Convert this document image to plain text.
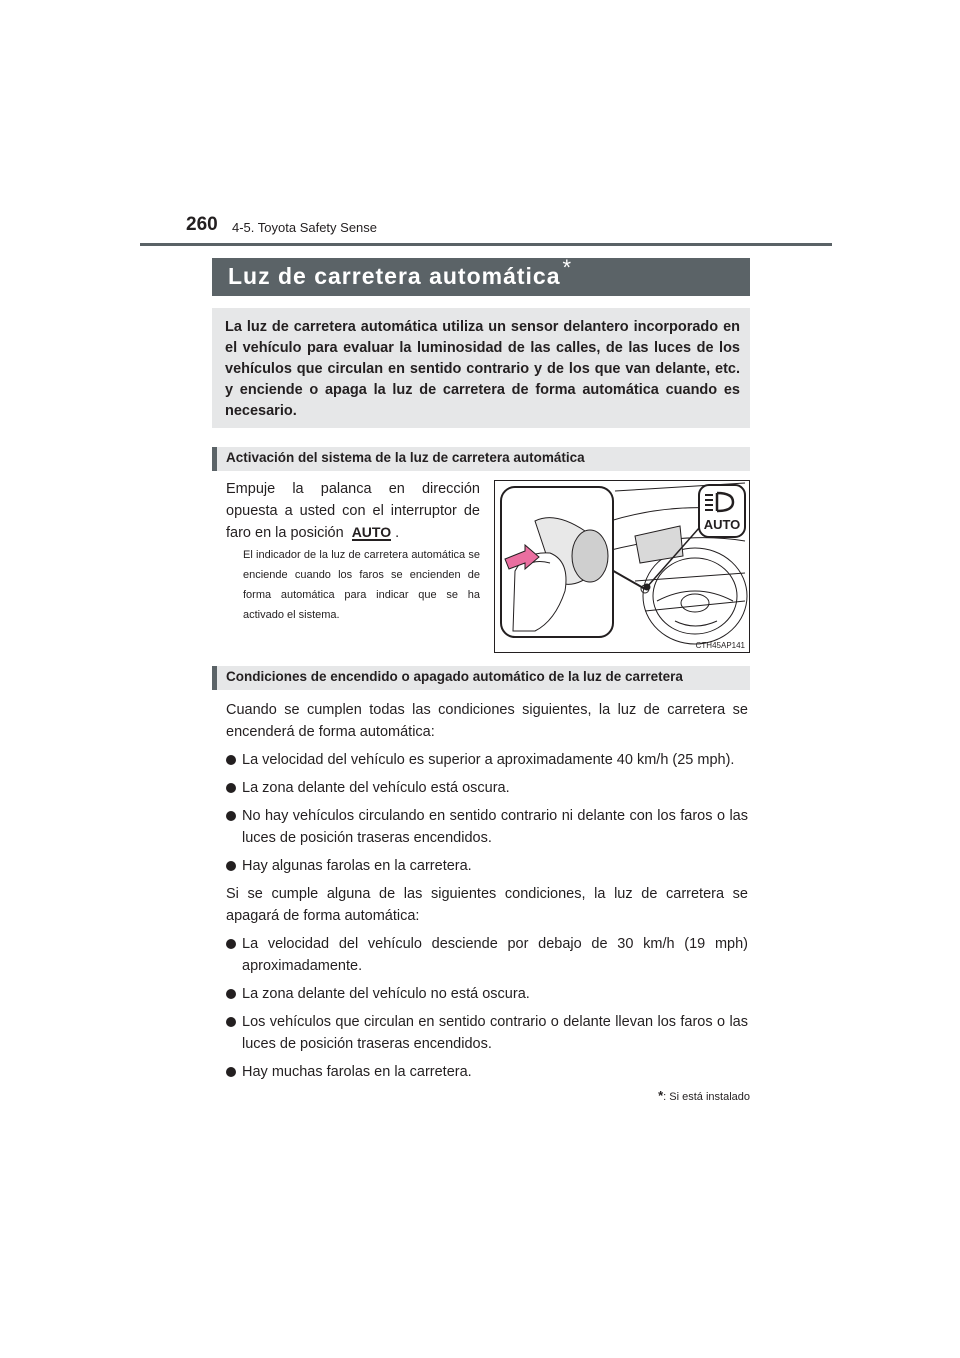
260 4-5. Toyota Safety Sense
Luz de carretera automática*
La luz de carretera automática utiliza un sensor delantero incorporado en el vehículo para evaluar la luminosidad de las calles, de las luces de los vehículos que circulan en sentido contrario y de los que van delante, etc. y enciende o apaga la luz de carretera de forma automática cuando es necesario.
Activación del sistema de la luz de carretera automática
Empuje la palanca en dirección opuesta a usted con el interruptor de faro en la posición AUTO .
El indicador de la luz de carretera automática se enciende cuando los faros se encienden de forma automática para indicar que se ha activado el sistema.
AUTO
CTH45AP141
Condiciones de encendido o apagado automático de la luz de carretera

Cuando se cumplen todas las condiciones siguientes, la luz de carretera se encenderá de forma automática:

La velocidad del vehículo es superior a aproximadamente 40 km/h (25 mph).
La zona delante del vehículo está oscura.
No hay vehículos circulando en sentido contrario ni delante con los faros o las luces de posición traseras encendidos.
Hay algunas farolas en la carretera.

Si se cumple alguna de las siguientes condiciones, la luz de carretera se apagará de forma automática:

La velocidad del vehículo desciende por debajo de 30 km/h (19 mph) aproximadamente.
La zona delante del vehículo no está oscura.
Los vehículos que circulan en sentido contrario o delante llevan los faros o las luces de posición traseras encendidos.
Hay muchas farolas en la carretera.
*: Si está instalado
